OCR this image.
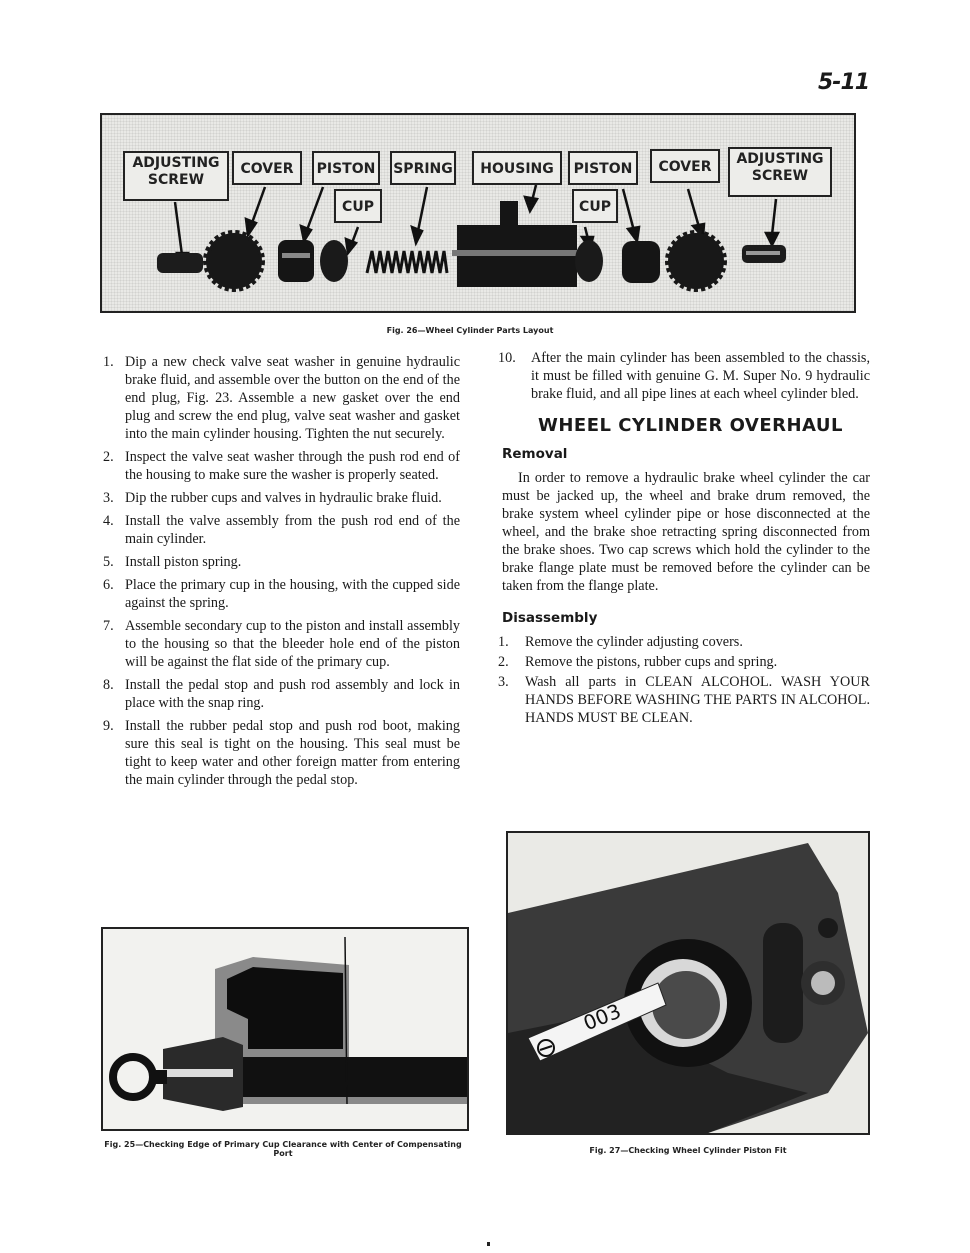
5-11
ADJUSTING SCREW
COVER	PISTON
CUP
SPRING	HOUSING	PISTON
CUP
COVER	ADJUSTING SCREW
Fig. 26—Wheel Cylinder Parts Layout
1. Dip a new check valve seat washer in genuine hydraulic brake fluid, and assemble over the button on the end of the end plug, Fig. 23. Assemble a new gasket over the end plug and screw the end plug, valve seat washer and gasket into the main cylinder housing. Tighten the nut securely.
2. Inspect the valve seat washer through the push rod end of the housing to make sure the washer is properly seated.
3. Dip the rubber cups and valves in hydraulic brake fluid.
4. Install the valve assembly from the push rod end of the main cylinder.
5. Install piston spring.
6. Place the primary cup in the housing, with the cupped side against the spring.
7. Assemble secondary cup to the piston and install assembly to the housing so that the bleeder hole end of the piston will be against the flat side of the primary cup.
8. Install the pedal stop and push rod assembly and lock in place with the snap ring.
9. Install the rubber pedal stop and push rod boot, making sure this seal is tight on the housing. This seal must be tight to keep water and other foreign matter from entering the main cylinder through the pedal stop.
10. After the main cylinder has been assembled to the chassis, it must be filled with genuine G. M. Super No. 9 hydraulic brake fluid, and all pipe lines at each wheel cylinder bled.
WHEEL CYLINDER OVERHAUL
Removal

In order to remove a hydraulic brake wheel cylinder the car must be jacked up, the wheel and brake drum removed, the brake system wheel cylinder pipe or hose disconnected at the wheel, and the brake shoe retracting spring disconnected from the brake shoes. Two cap screws which hold the cylinder to the brake flange plate must be removed before the cylinder can be taken from the flange plate.

Disassembly
1. Remove the cylinder adjusting covers.
2. Remove the pistons, rubber cups and spring.
3. Wash all parts in CLEAN ALCOHOL. WASH YOUR HANDS BEFORE WASHING THE PARTS IN ALCOHOL. HANDS MUST BE CLEAN.
Fig. 25—Checking Edge of Primary Cup Clearance with Center of Compensating Port
003
Fig. 27—Checking Wheel Cylinder Piston Fit
